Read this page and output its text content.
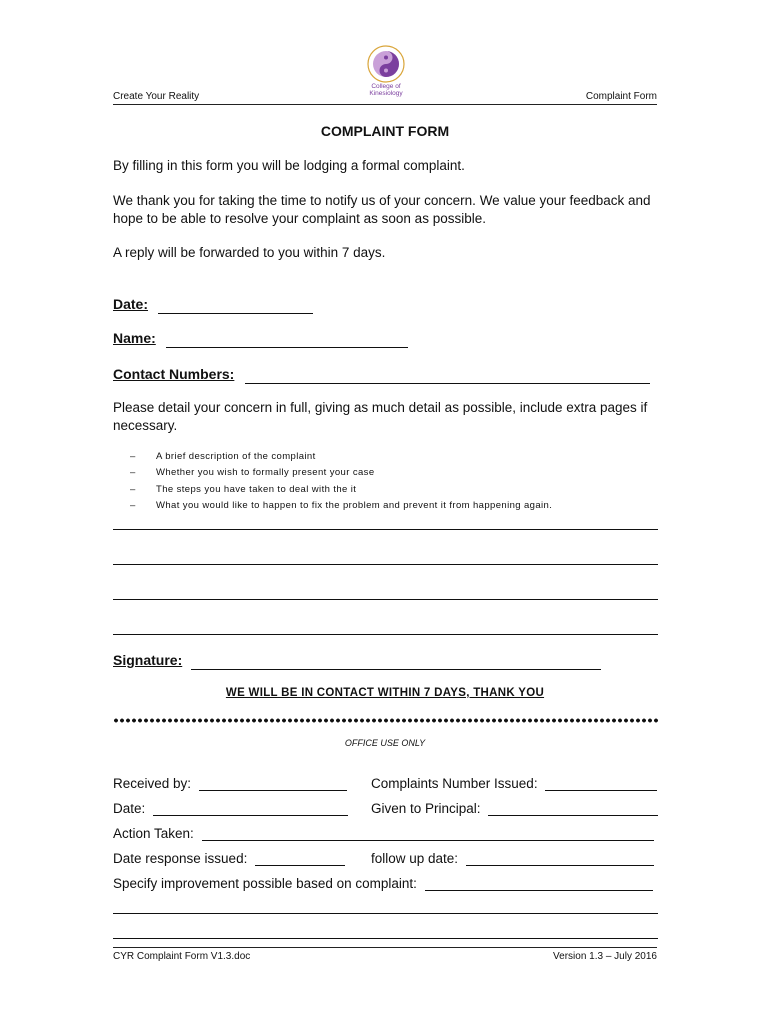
Create Your Reality
College of Kinesiology	Complaint Form
COMPLAINT FORM
By filling in this form you will be lodging a formal complaint.
We thank you for taking the time to notify us of your concern. We value your feedback and hope to be able to resolve your complaint as soon as possible.
A reply will be forwarded to you within 7 days.
Date:
Name:
Contact Numbers:
Please detail your concern in full, giving as much detail as possible, include extra pages if necessary.
– A brief description of the complaint
– Whether you wish to formally present your case
– The steps you have taken to deal with the it
– What you would like to happen to fix the problem and prevent it from happening again.
Signature:
WE WILL BE IN CONTACT WITHIN 7 DAYS, THANK YOU
OFFICE USE ONLY
Received by:	Complaints Number Issued:
Date:	Given to Principal:
Action Taken:
Date response issued:	follow up date:
Specify improvement possible based on complaint:
CYR Complaint Form V1.3.doc	Version 1.3 – July 2016
